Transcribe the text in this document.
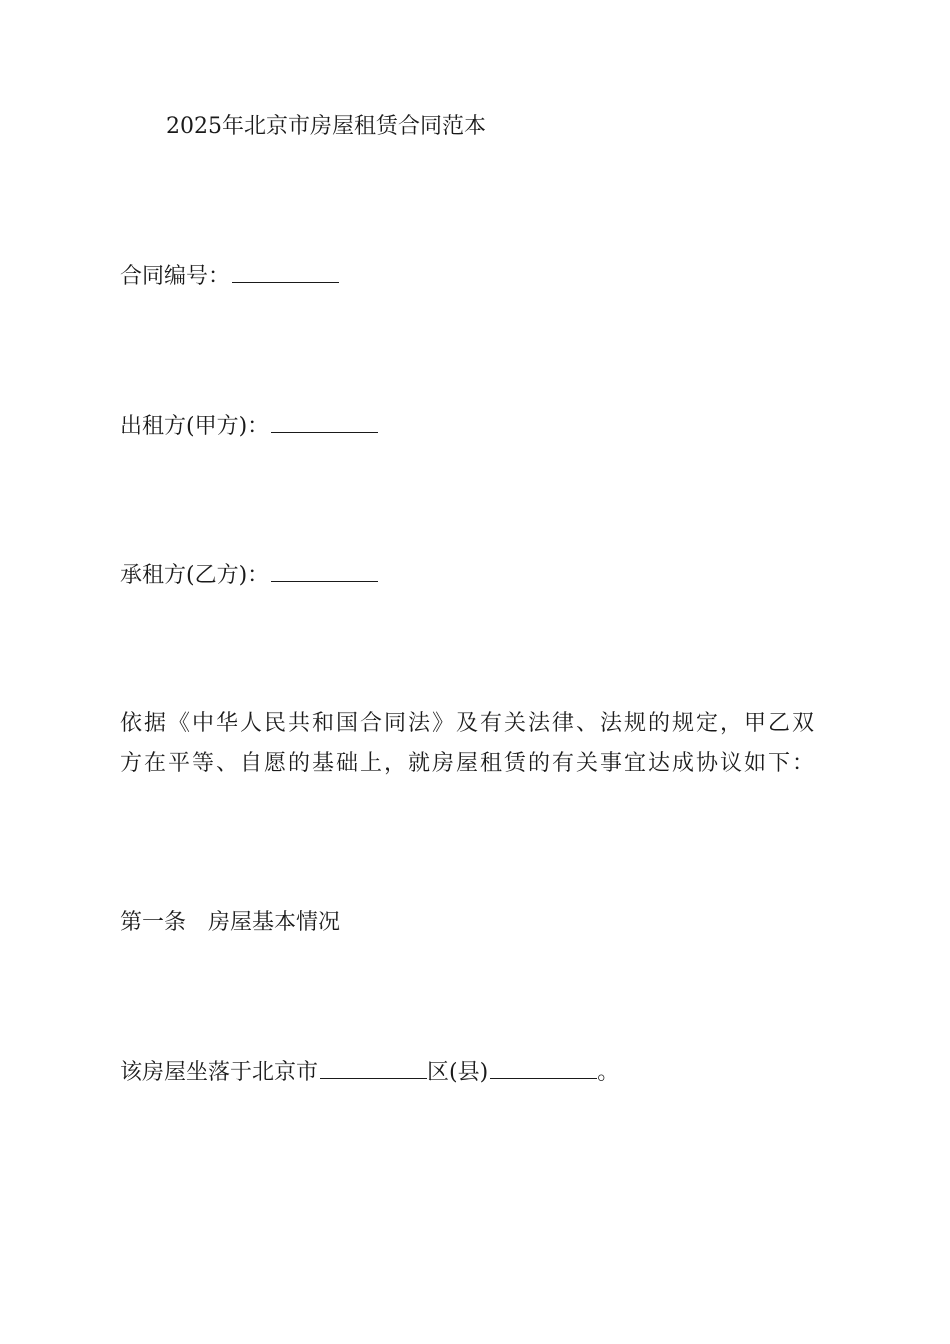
2025年北京市房屋租赁合同范本
合同编号：
出租方(甲方)：
承租方(乙方)：
依据《中华人民共和国合同法》及有关法律、法规的规定，甲乙双
方在平等、自愿的基础上，就房屋租赁的有关事宜达成协议如下：
第一条　房屋基本情况
该房屋坐落于北京市	区(县)	。
